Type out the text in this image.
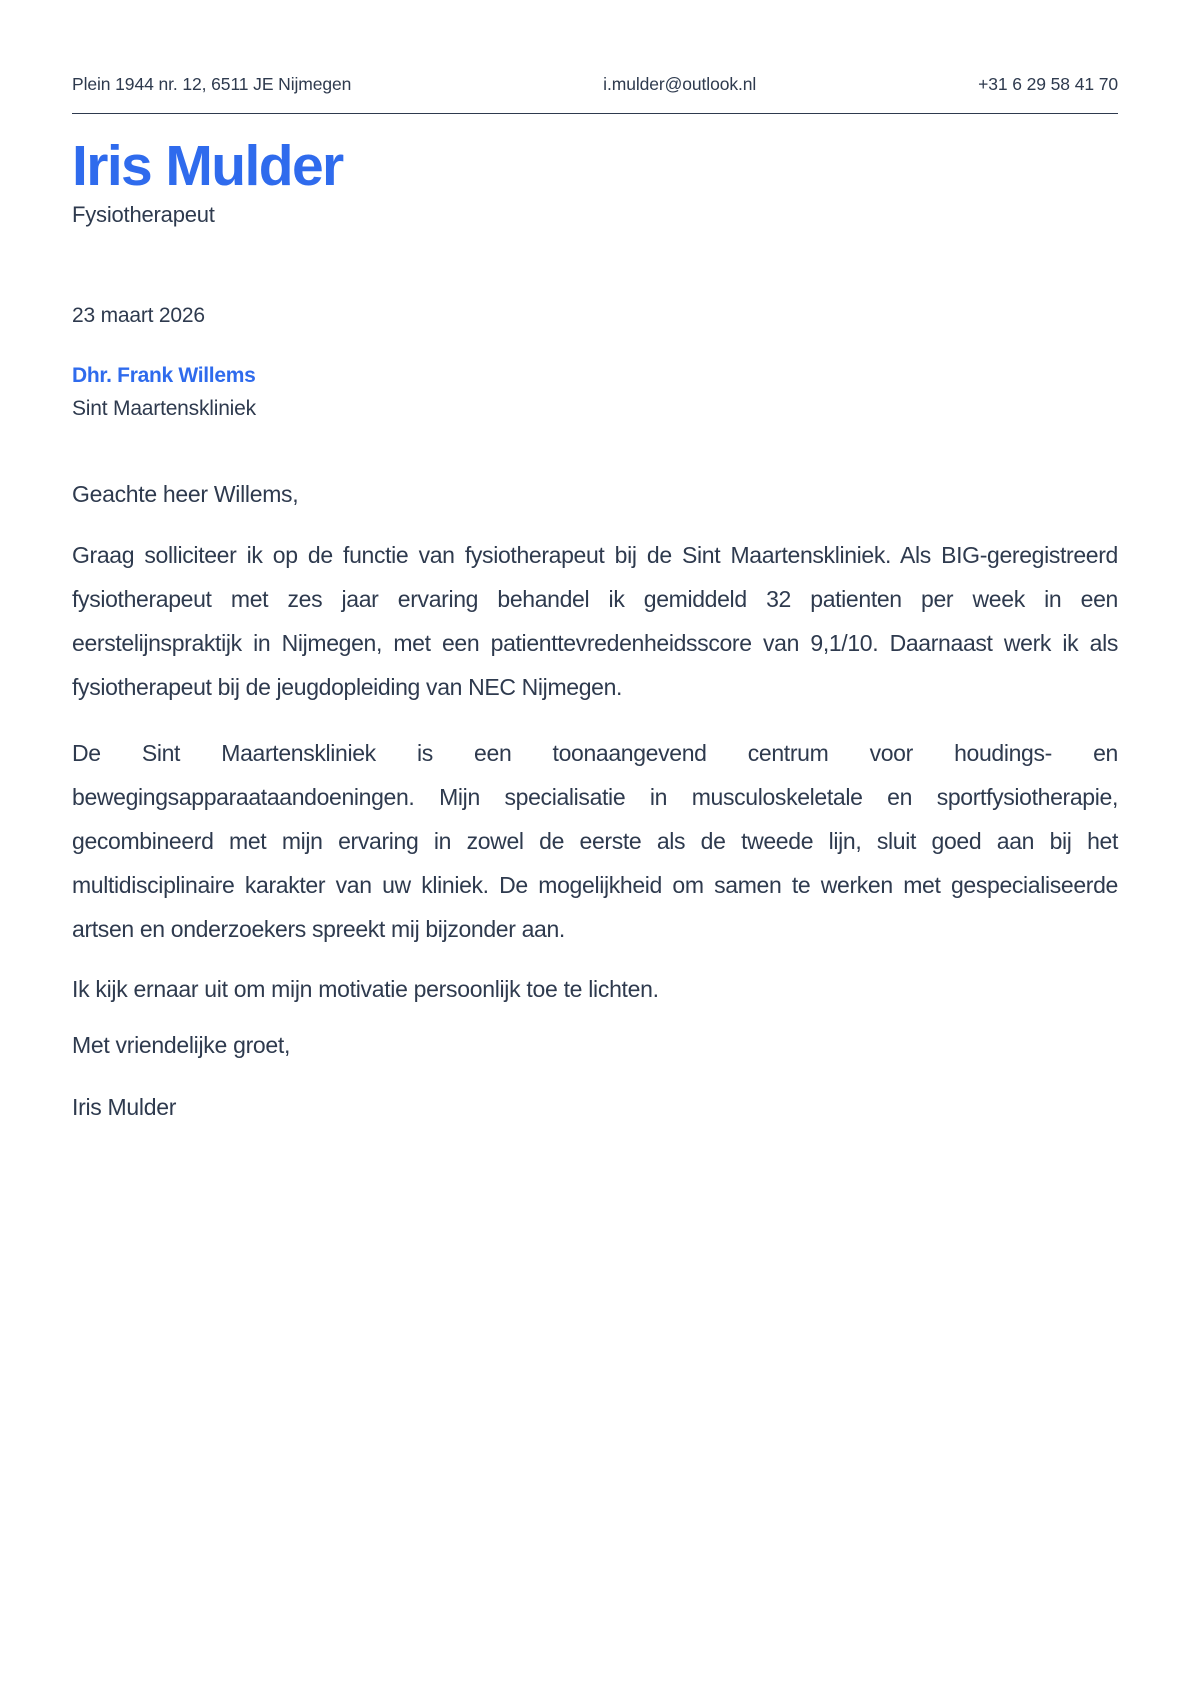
Plein 1944 nr. 12, 6511 JE Nijmegen	i.mulder@outlook.nl	+31 6 29 58 41 70
Iris Mulder
Fysiotherapeut
23 maart 2026
Dhr. Frank Willems
Sint Maartenskliniek

Geachte heer Willems,

Graag solliciteer ik op de functie van fysiotherapeut bij de Sint Maartenskliniek. Als BIG-geregistreerd fysiotherapeut met zes jaar ervaring behandel ik gemiddeld 32 patienten per week in een eerstelijnspraktijk in Nijmegen, met een patienttevredenheidsscore van 9,1/10. Daarnaast werk ik als fysiotherapeut bij de jeugdopleiding van NEC Nijmegen.

De Sint Maartenskliniek is een toonaangevend centrum voor houdings- en bewegingsapparaataandoeningen. Mijn specialisatie in musculoskeletale en sportfysiotherapie, gecombineerd met mijn ervaring in zowel de eerste als de tweede lijn, sluit goed aan bij het multidisciplinaire karakter van uw kliniek. De mogelijkheid om samen te werken met gespecialiseerde artsen en onderzoekers spreekt mij bijzonder aan.

Ik kijk ernaar uit om mijn motivatie persoonlijk toe te lichten.

Met vriendelijke groet,

Iris Mulder
